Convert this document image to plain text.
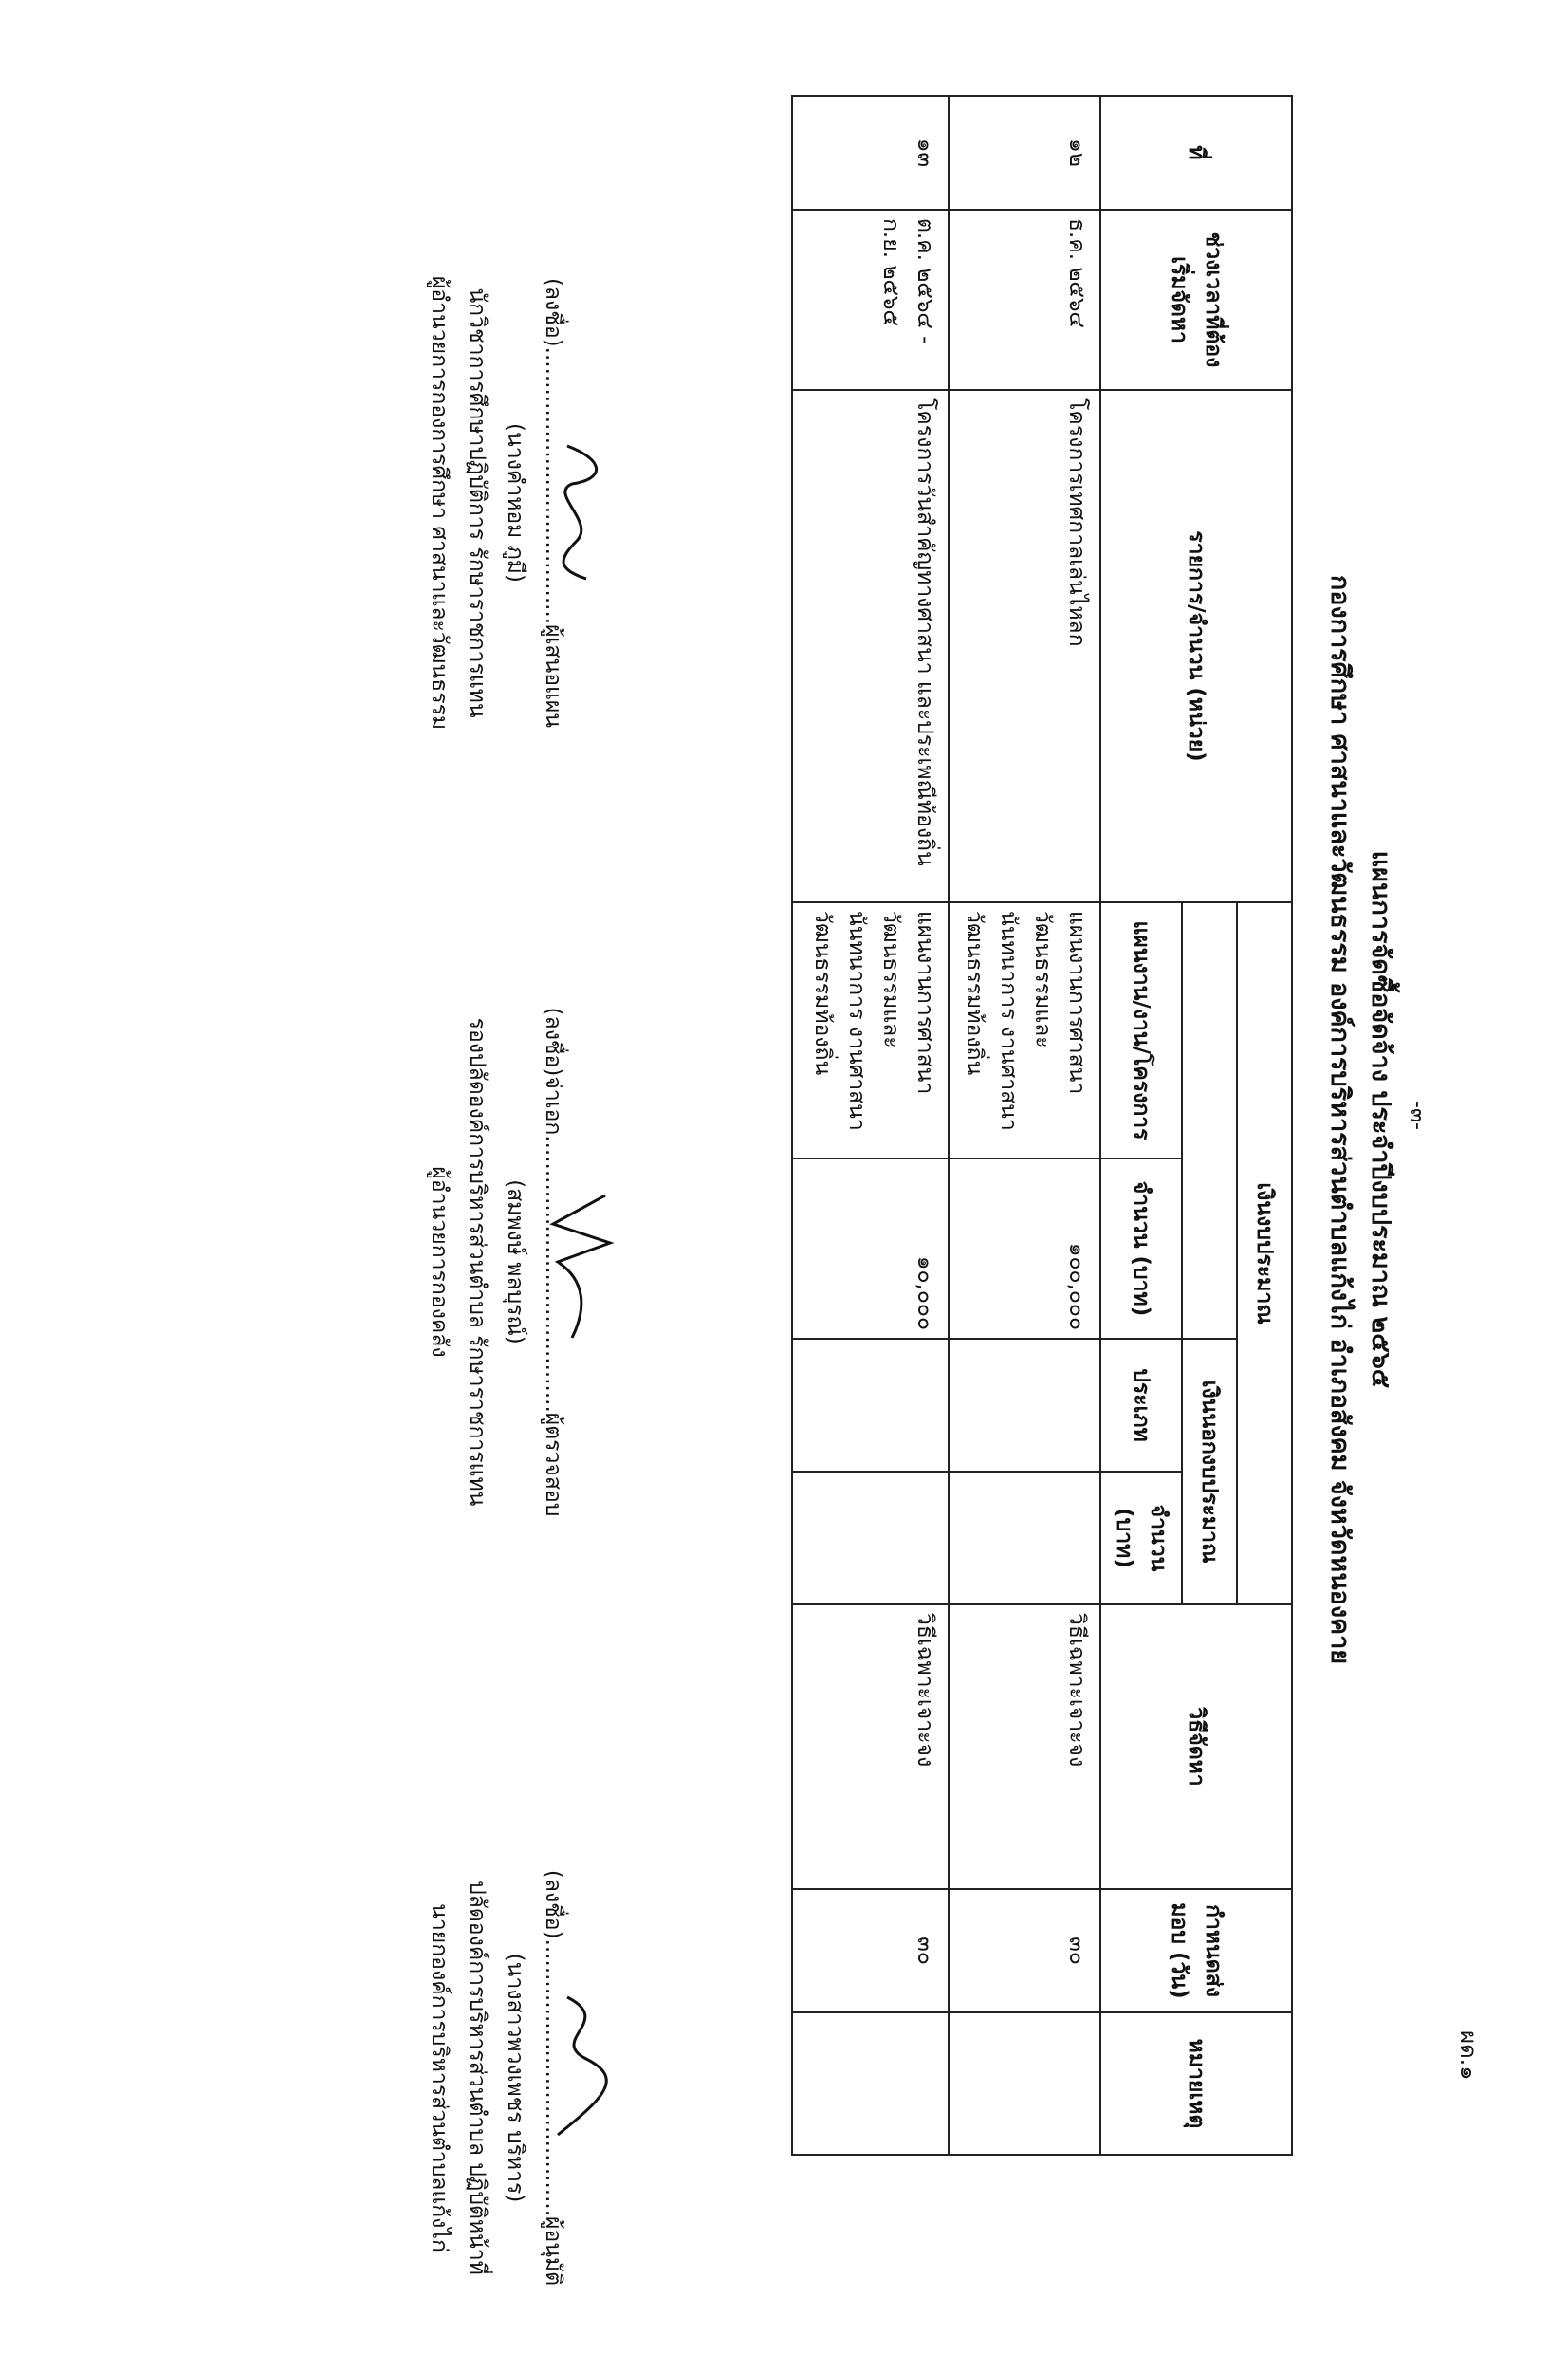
ผด.๑
-๓-
แผนการจัดซื้อจัดจ้าง ประจำปีงบประมาณ ๒๕๖๕
กองการศึกษา ศาสนาและวัฒนธรรม องค์การบริหารส่วนตำบลแก้งไก่ อำเภอสังคม จังหวัดหนองคาย
ที่	ช่วงเวลาที่ต้องเริ่มจัดหา	รายการ/จำนวน (หน่วย)	เงินงบประมาณ				วิธีจัดหา	กำหนดส่งมอบ (วัน)	หมายเหตุ
					เงินนอกงบประมาณ				
			แผนงาน/งาน/โครงการ	จำนวน (บาท)	ประเภท	จำนวน (บาท)			
๑๒	ธ.ค. ๒๕๖๔	โครงการเทศกาลเล่นไหลก	แผนงานการศาสนา วัฒนธรรมและนันทนาการ งานศาสนาวัฒนธรรมท้องถิ่น	๑๐๐,๐๐๐			วิธีเฉพาะเจาะจง	๓๐	
๑๓	ต.ค. ๒๕๖๔ - ก.ย. ๒๕๖๕	โครงการวันสำคัญทางศาสนา และประเพณีท้องถิ่น	แผนงานการศาสนา วัฒนธรรมและนันทนาการ งานศาสนาวัฒนธรรมท้องถิ่น	๑๐,๐๐๐			วิธีเฉพาะเจาะจง	๓๐	
(ลงชื่อ)........................................ผู้อนุมัติ
(นางสาวพวงเพชร บริหาร)
ปลัดองค์การบริหารส่วนตำบล ปฏิบัติหน้าที่
นายกองค์การบริหารส่วนตำบลแก้งไก่
(ลงชื่อ)จ่าเอก........................................ผู้ตรวจสอบ
(สมพงษ์ พลบุรณ์)
รองปลัดองค์การบริหารส่วนตำบล รักษาราชการแทน
ผู้อำนวยการกองคลัง
(ลงชื่อ)........................................ผู้เสนอแผน
(นางคำหอม ภูมี)
นักวิชาการศึกษาปฏิบัติการ รักษาราชการแทน
ผู้อำนวยการกองการศึกษา ศาสนาและวัฒนธรรม
